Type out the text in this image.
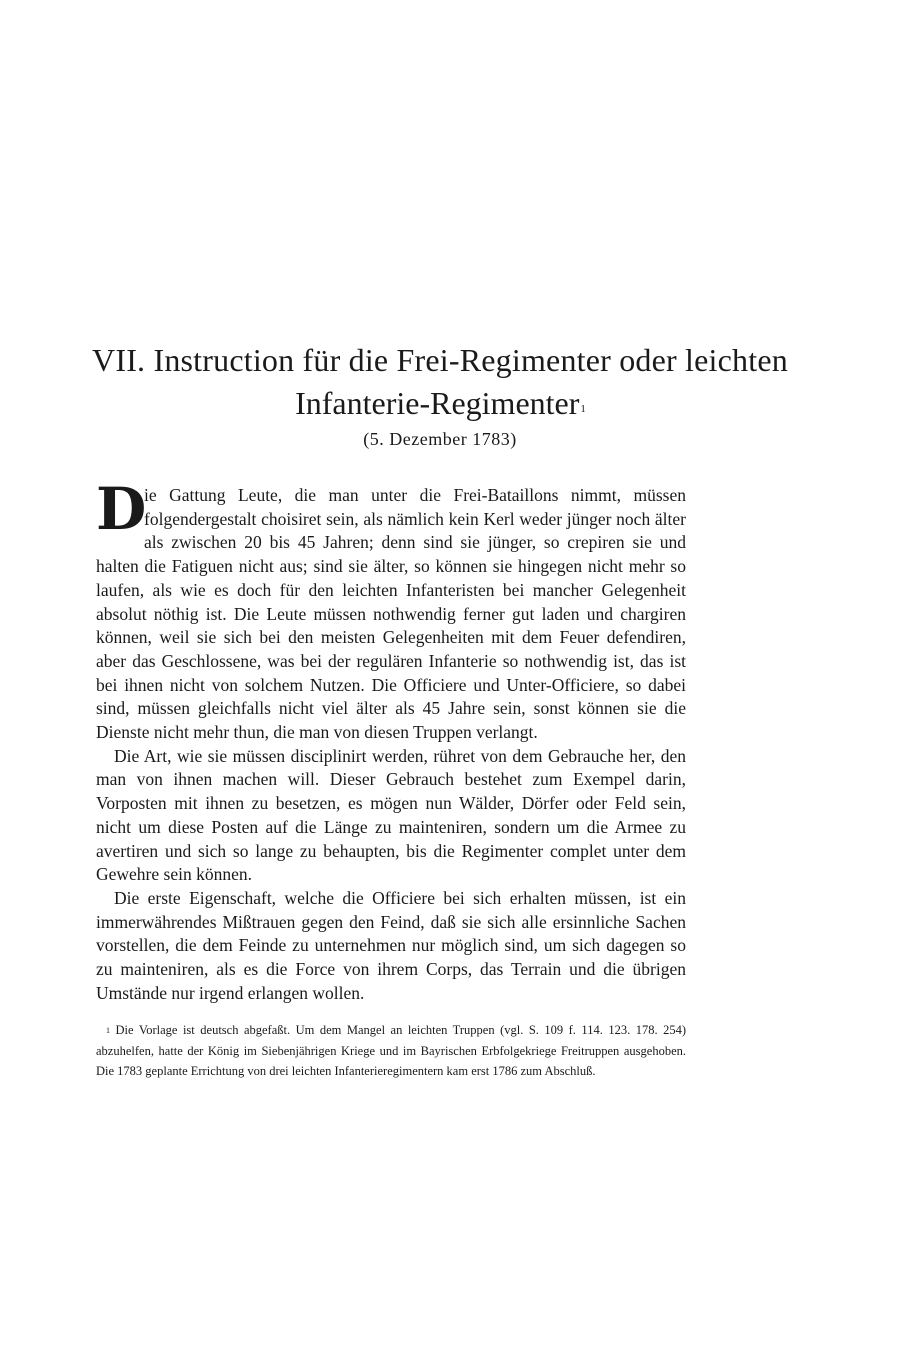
VII. Instruction für die Frei-Regimenter oder leichten
Infanterie-Regimenter$^1$
(5. Dezember 1783)

D
ie Gattung Leute, die man unter die Frei-Bataillons nimmt, müssen folgendergestalt choisiret sein, als nämlich kein Kerl weder jünger noch älter als zwischen 20 bis 45 Jahren; denn sind sie jünger, so crepiren sie und halten die Fatiguen nicht aus; sind sie älter, so können sie hingegen nicht mehr so laufen, als wie es doch für den leichten Infanteristen bei mancher Gelegenheit absolut nöthig ist. Die Leute müssen nothwendig ferner gut laden und chargiren können, weil sie sich bei den meisten Gelegenheiten mit dem Feuer defendiren, aber das Geschlossene, was bei der regulären Infanterie so nothwendig ist, das ist bei ihnen nicht von solchem Nutzen. Die Officiere und Unter-Officiere, so dabei sind, müssen gleichfalls nicht viel älter als 45 Jahre sein, sonst können sie die Dienste nicht mehr thun, die man von diesen Truppen verlangt.

Die Art, wie sie müssen disciplinirt werden, rühret von dem Gebrauche her, den man von ihnen machen will. Dieser Gebrauch bestehet zum Exempel darin, Vorposten mit ihnen zu besetzen, es mögen nun Wälder, Dörfer oder Feld sein, nicht um diese Posten auf die Länge zu mainteniren, sondern um die Armee zu avertiren und sich so lange zu behaupten, bis die Regimenter complet unter dem Gewehre sein können.

Die erste Eigenschaft, welche die Officiere bei sich erhalten müssen, ist ein immerwährendes Mißtrauen gegen den Feind, daß sie sich alle ersinnliche Sachen vorstellen, die dem Feinde zu unternehmen nur möglich sind, um sich dagegen so zu mainteniren, als es die Force von ihrem Corps, das Terrain und die übrigen Umstände nur irgend erlangen wollen.

$^1$ Die Vorlage ist deutsch abgefaßt. Um dem Mangel an leichten Truppen (vgl. S. 109 f. 114. 123. 178. 254) abzuhelfen, hatte der König im Siebenjährigen Kriege und im Bayrischen Erbfolgekriege Freitruppen ausgehoben. Die 1783 geplante Errichtung von drei leichten Infanterieregimentern kam erst 1786 zum Abschluß.
